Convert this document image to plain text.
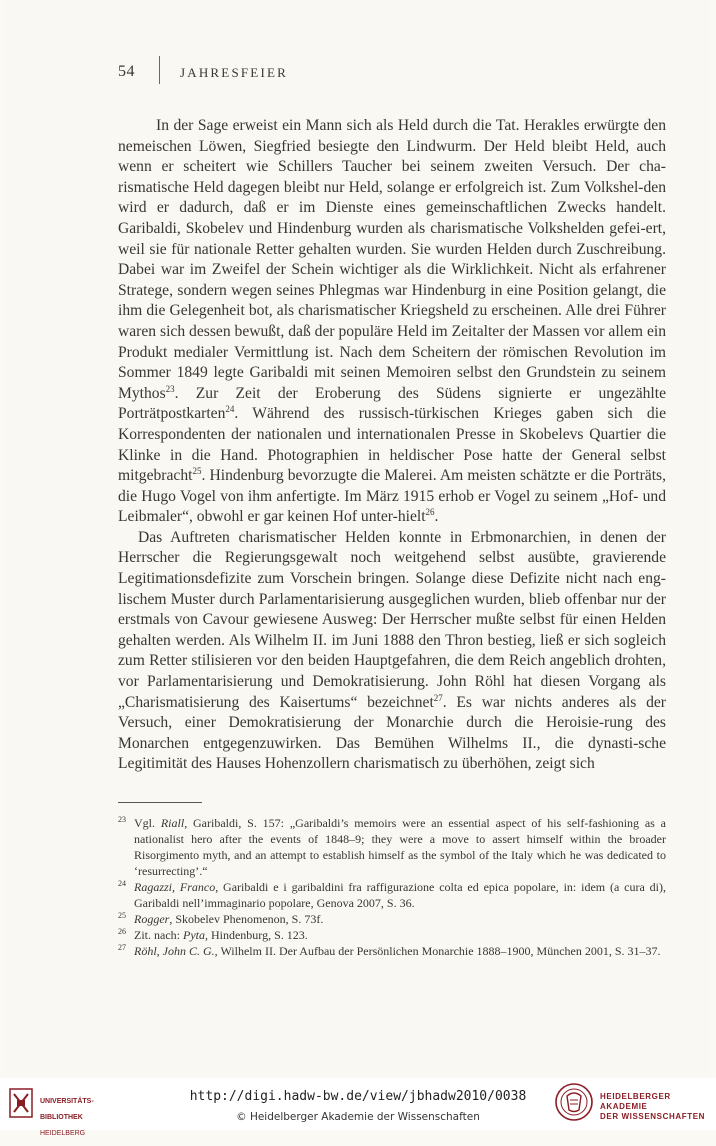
54	JAHRESFEIER

In der Sage erweist ein Mann sich als Held durch die Tat. Herakles erwürgte den nemeischen Löwen, Siegfried besiegte den Lindwurm. Der Held bleibt Held, auch wenn er scheitert wie Schillers Taucher bei seinem zweiten Versuch. Der cha-rismatische Held dagegen bleibt nur Held, solange er erfolgreich ist. Zum Volkshel-den wird er dadurch, daß er im Dienste eines gemeinschaftlichen Zwecks handelt. Garibaldi, Skobelev und Hindenburg wurden als charismatische Volkshelden gefei-ert, weil sie für nationale Retter gehalten wurden. Sie wurden Helden durch Zuschreibung. Dabei war im Zweifel der Schein wichtiger als die Wirklichkeit. Nicht als erfahrener Stratege, sondern wegen seines Phlegmas war Hindenburg in eine Position gelangt, die ihm die Gelegenheit bot, als charismatischer Kriegsheld zu erscheinen. Alle drei Führer waren sich dessen bewußt, daß der populäre Held im Zeitalter der Massen vor allem ein Produkt medialer Vermittlung ist. Nach dem Scheitern der römischen Revolution im Sommer 1849 legte Garibaldi mit seinen Memoiren selbst den Grundstein zu seinem Mythos$^{23}$. Zur Zeit der Eroberung des Südens signierte er ungezählte Porträtpostkarten$^{24}$. Während des russisch-türkischen Krieges gaben sich die Korrespondenten der nationalen und internationalen Presse in Skobelevs Quartier die Klinke in die Hand. Photographien in heldischer Pose hatte der General selbst mitgebracht$^{25}$. Hindenburg bevorzugte die Malerei. Am meisten schätzte er die Porträts, die Hugo Vogel von ihm anfertigte. Im März 1915 erhob er Vogel zu seinem „Hof- und Leibmaler“, obwohl er gar keinen Hof unter-hielt$^{26}$.

Das Auftreten charismatischer Helden konnte in Erbmonarchien, in denen der Herrscher die Regierungsgewalt noch weitgehend selbst ausübte, gravierende Legitimationsdefizite zum Vorschein bringen. Solange diese Defizite nicht nach eng-lischem Muster durch Parlamentarisierung ausgeglichen wurden, blieb offenbar nur der erstmals von Cavour gewiesene Ausweg: Der Herrscher mußte selbst für einen Helden gehalten werden. Als Wilhelm II. im Juni 1888 den Thron bestieg, ließ er sich sogleich zum Retter stilisieren vor den beiden Hauptgefahren, die dem Reich angeblich drohten, vor Parlamentarisierung und Demokratisierung. John Röhl hat diesen Vorgang als „Charismatisierung des Kaisertums“ bezeichnet$^{27}$. Es war nichts anderes als der Versuch, einer Demokratisierung der Monarchie durch die Heroisie-rung des Monarchen entgegenzuwirken. Das Bemühen Wilhelms II., die dynasti-sche Legitimität des Hauses Hohenzollern charismatisch zu überhöhen, zeigt sich

23 Vgl. Riall, Garibaldi, S. 157: „Garibaldi’s memoirs were an essential aspect of his self-fashioning as a nationalist hero after the events of 1848–9; they were a move to assert himself within the broader Risorgimento myth, and an attempt to establish himself as the symbol of the Italy which he was dedicated to ‘resurrecting’.“

24 Ragazzi, Franco, Garibaldi e i garibaldini fra raffigurazione colta ed epica popolare, in: idem (a cura di), Garibaldi nell’immaginario popolare, Genova 2007, S. 36.

25 Rogger, Skobelev Phenomenon, S. 73f.

26 Zit. nach: Pyta, Hindenburg, S. 123.

27 Röhl, John C. G., Wilhelm II. Der Aufbau der Persönlichen Monarchie 1888–1900, München 2001, S. 31–37.

UNIVERSITÄTS-

BIBLIOTHEK

HEIDELBERG

http://digi.hadw-bw.de/view/jbhadw2010/0038
© Heidelberger Akademie der Wissenschaften
HEIDELBERGER AKADEMIE
DER WISSENSCHAFTEN
